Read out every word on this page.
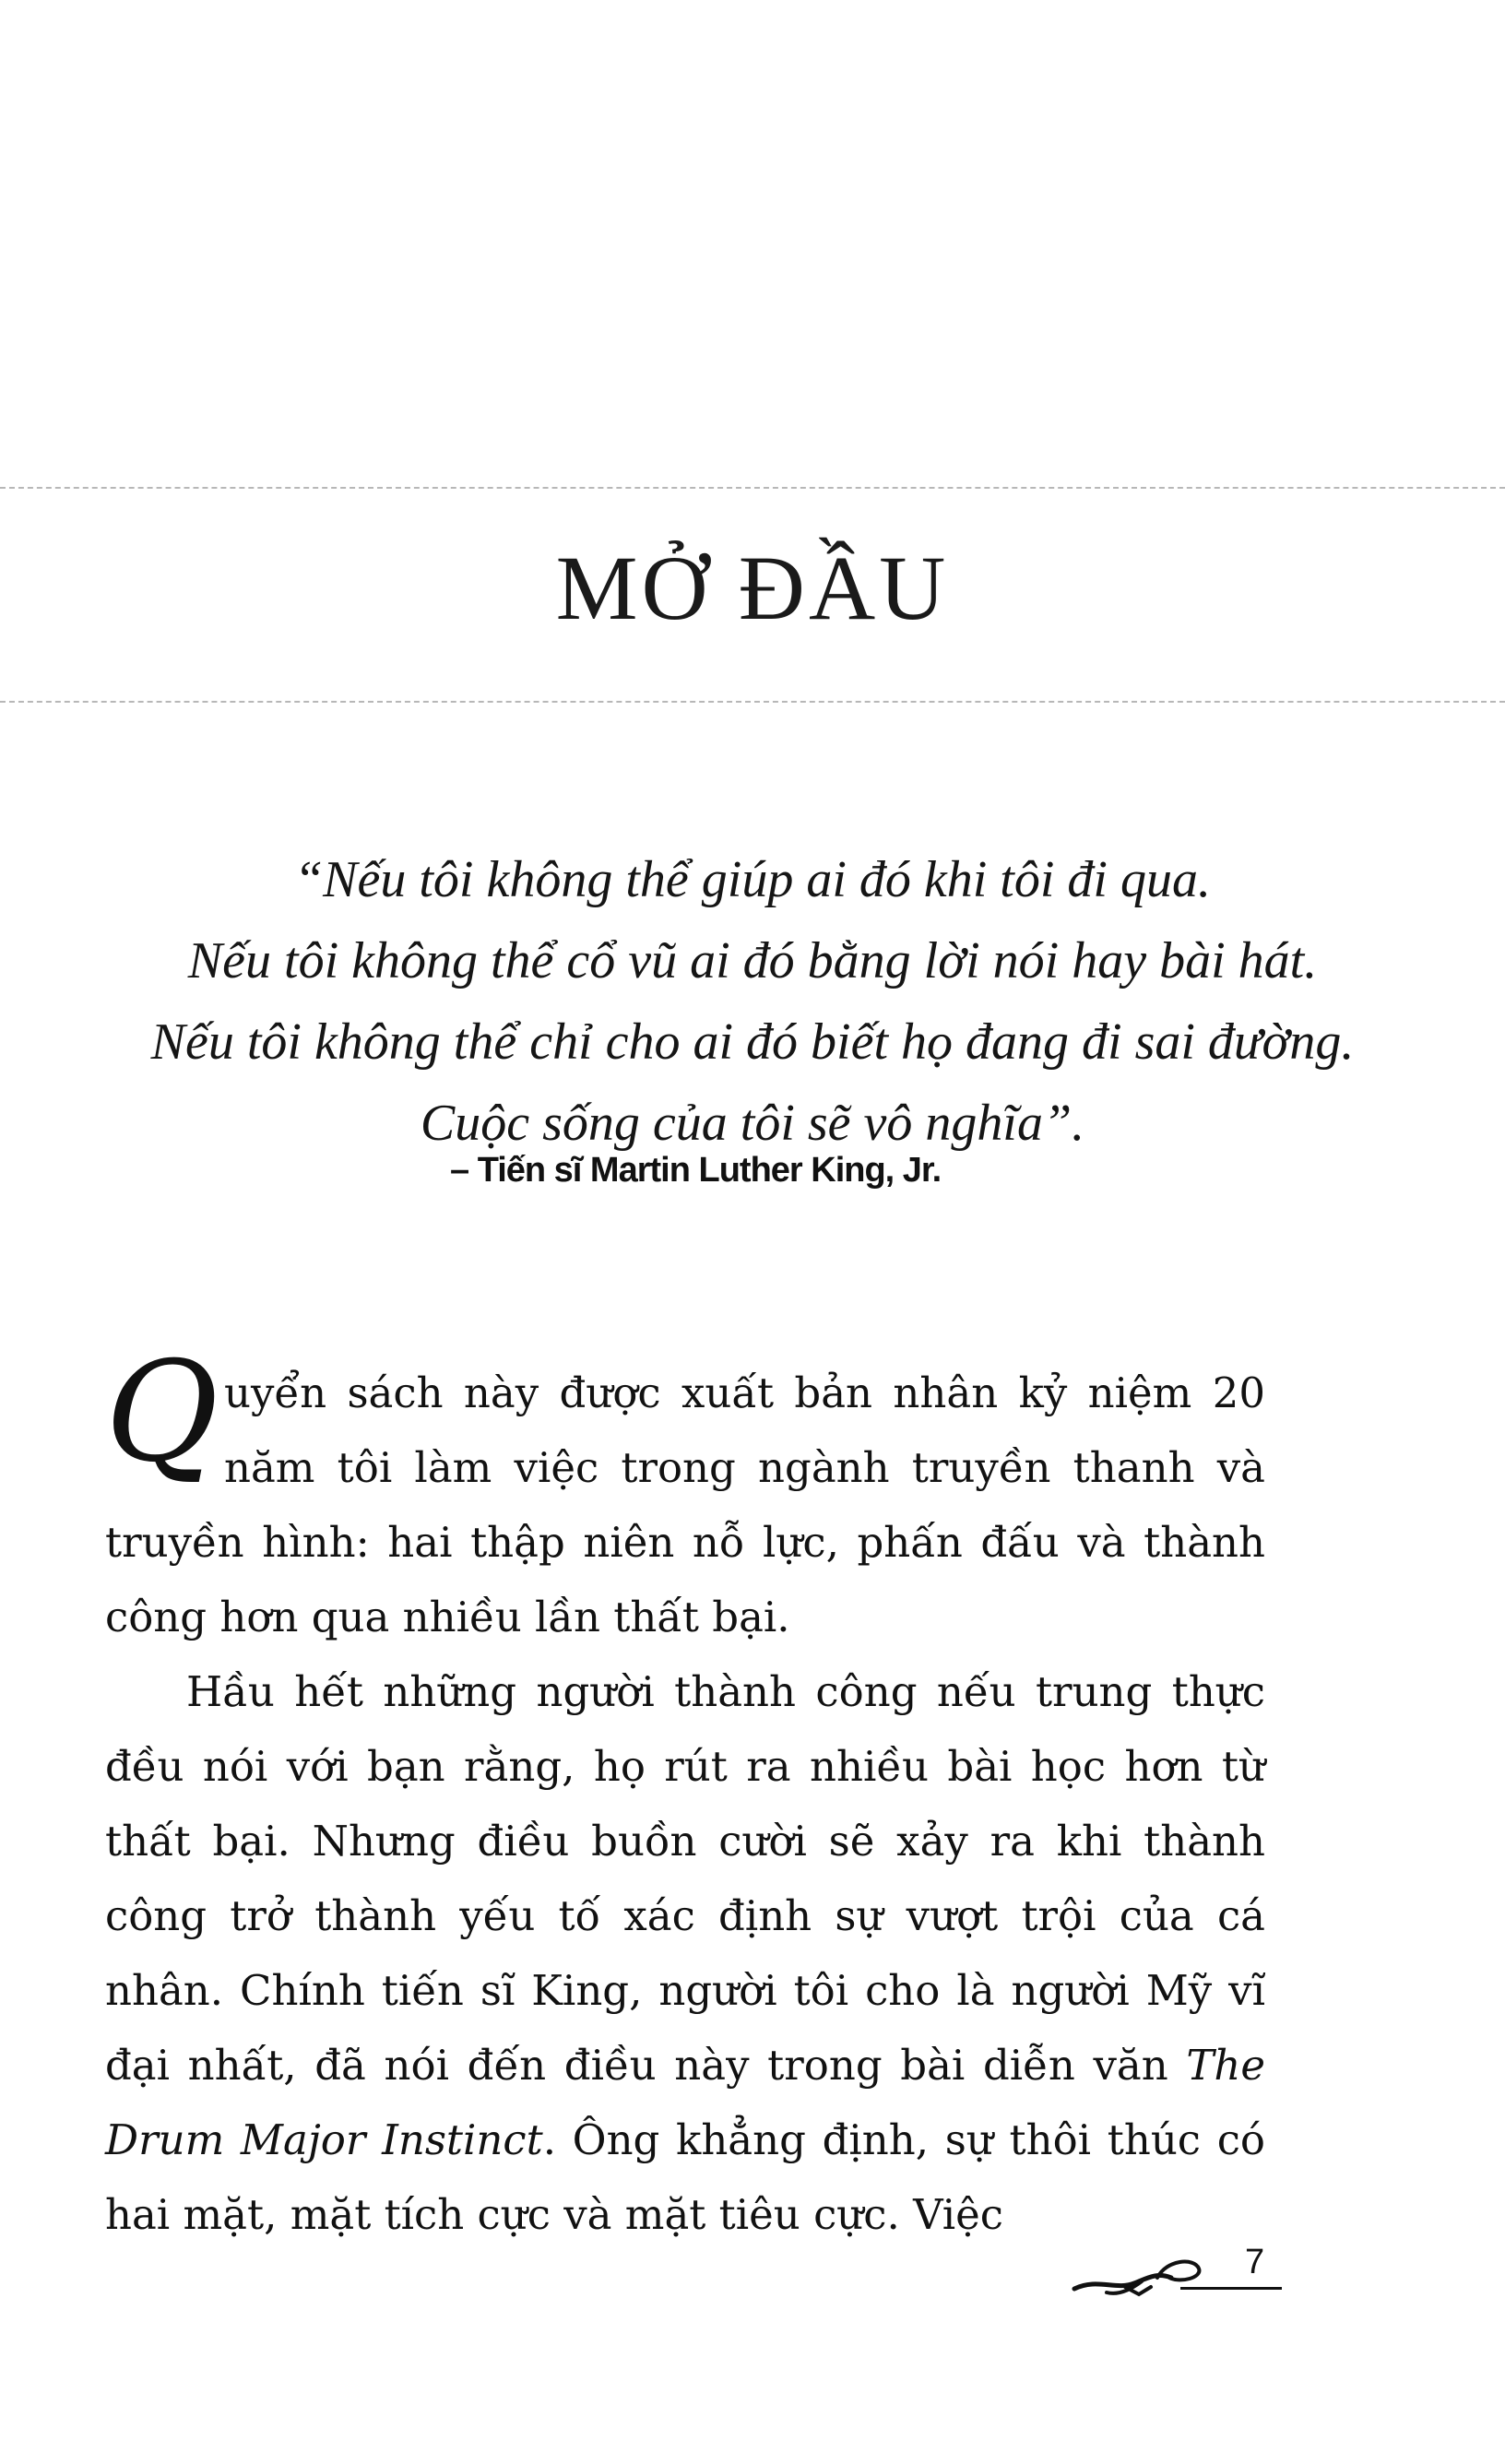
MỞ ĐẦU
“Nếu tôi không thể giúp ai đó khi tôi đi qua.
Nếu tôi không thể cổ vũ ai đó bằng lời nói hay bài hát.
Nếu tôi không thể chỉ cho ai đó biết họ đang đi sai đường.
Cuộc sống của tôi sẽ vô nghĩa”.
– Tiến sĩ Martin Luther King, Jr.

Quyển sách này được xuất bản nhân kỷ niệm 20 năm tôi làm việc trong ngành truyền thanh và truyền hình: hai thập niên nỗ lực, phấn đấu và thành công hơn qua nhiều lần thất bại.

Hầu hết những người thành công nếu trung thực đều nói với bạn rằng, họ rút ra nhiều bài học hơn từ thất bại. Nhưng điều buồn cười sẽ xảy ra khi thành công trở thành yếu tố xác định sự vượt trội của cá nhân. Chính tiến sĩ King, người tôi cho là người Mỹ vĩ đại nhất, đã nói đến điều này trong bài diễn văn The Drum Major Instinct. Ông khẳng định, sự thôi thúc có hai mặt, mặt tích cực và mặt tiêu cực. Việc

7
